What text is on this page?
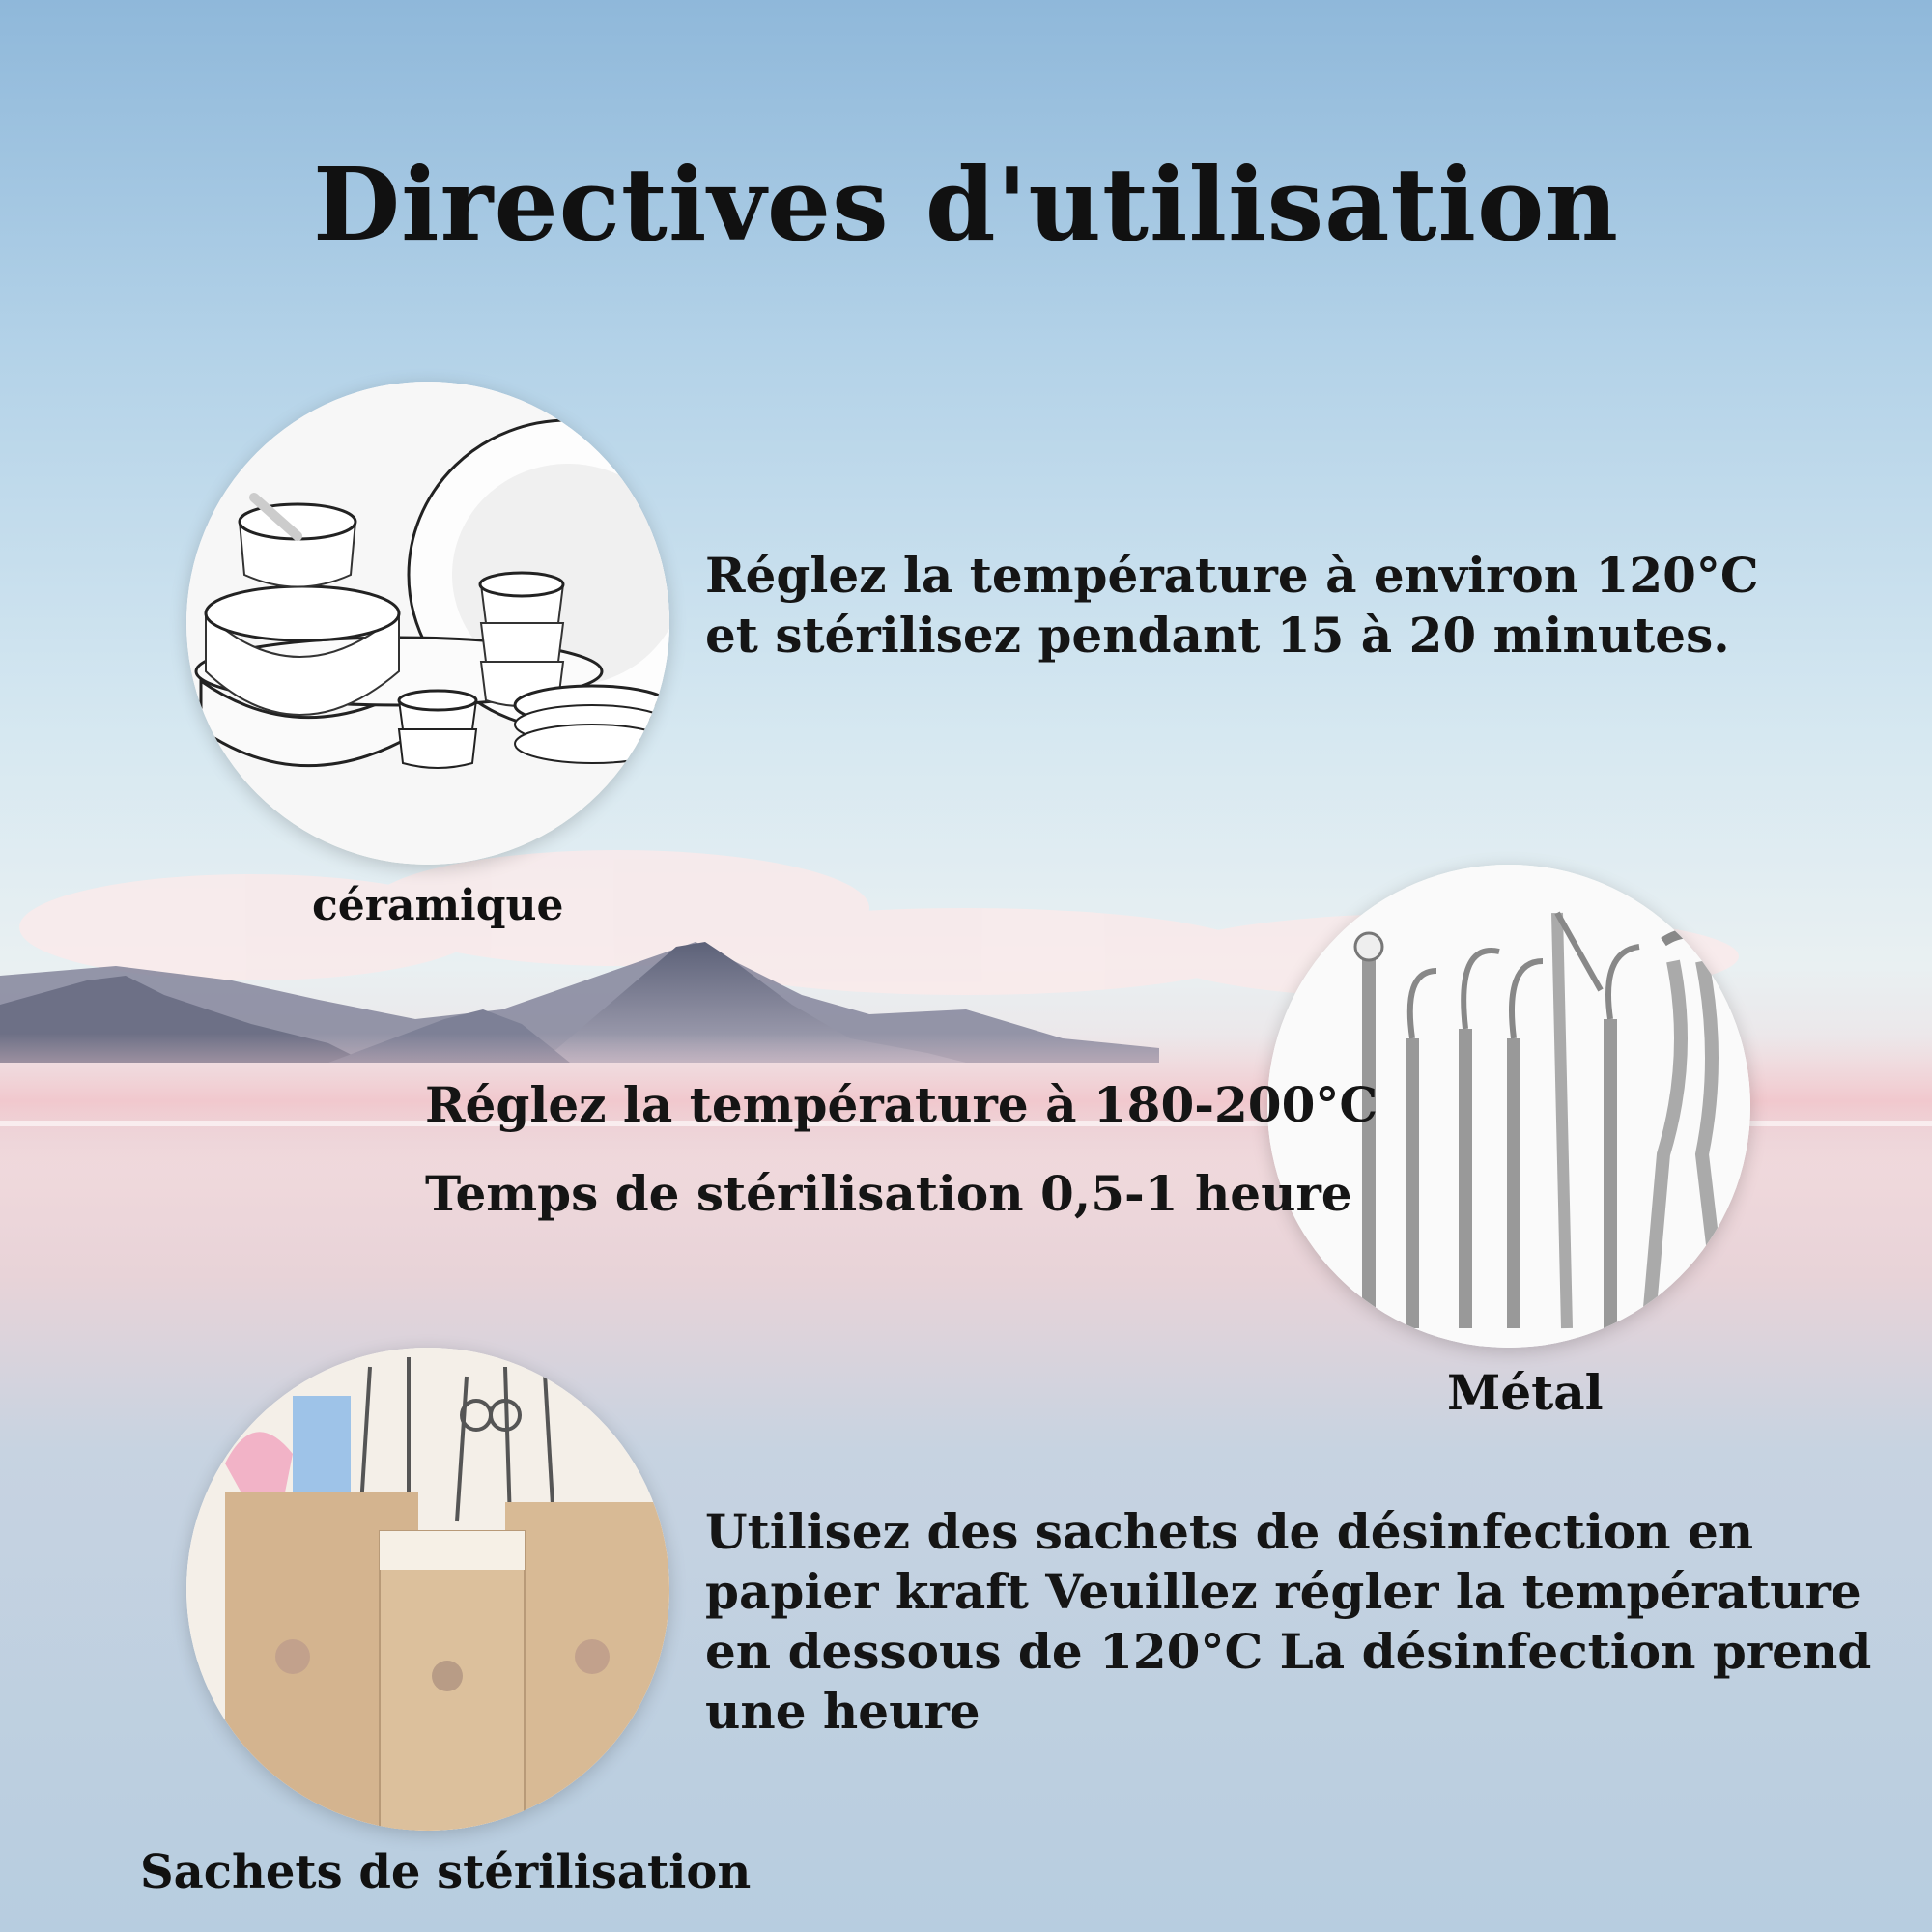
Directives d'utilisation
céramique
Réglez la température à environ 120°C et stérilisez pendant 15 à 20 minutes.
Métal
Réglez la température à 180-200°C
Temps de stérilisation 0,5-1 heure
Sachets de stérilisation
Utilisez des sachets de désinfection en papier kraft Veuillez régler la température en dessous de 120°C La désinfection prend une heure
